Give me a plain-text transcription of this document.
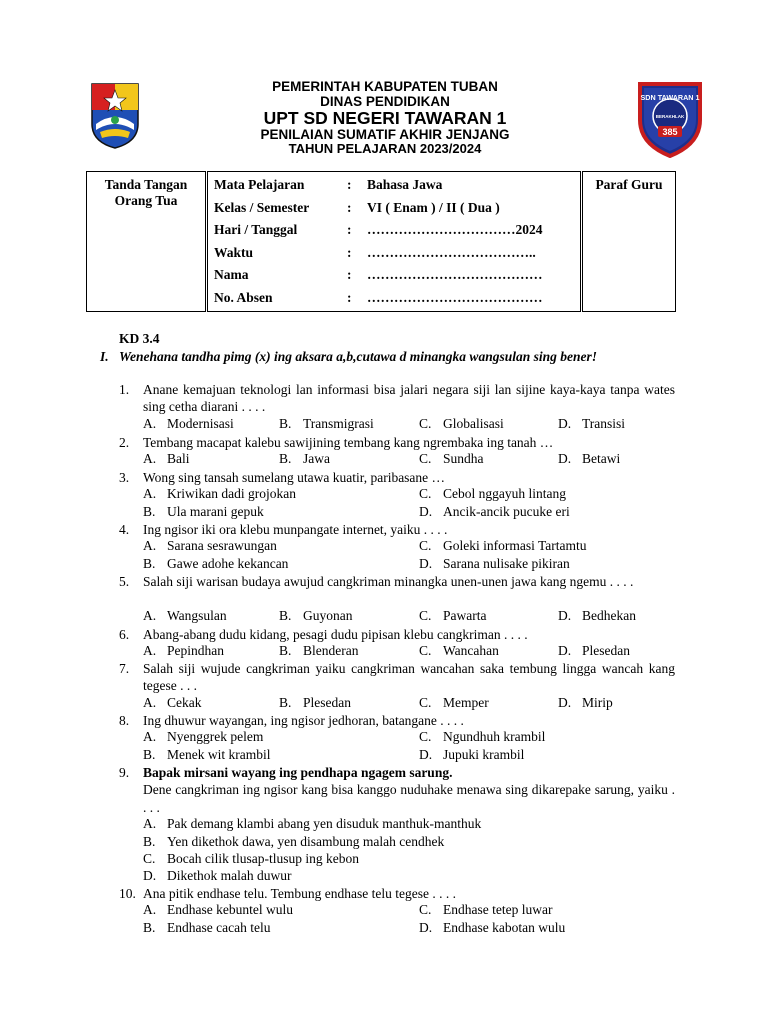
SDN TAWARAN 1
BERAKHLAK
385
PEMERINTAH KABUPATEN TUBAN
DINAS PENDIDIKAN
UPT SD NEGERI TAWARAN 1
PENILAIAN SUMATIF AKHIR JENJANG
TAHUN PELAJARAN 2023/2024
Tanda Tangan
Orang Tua

Mata Pelajaran	: Bahasa Jawa
Kelas / Semester	: VI ( Enam ) / II ( Dua )
Hari / Tanggal	: ……………………………2024
Waktu	: ………………………………..
Nama	: …………………………………
No. Absen	: …………………………………

Paraf Guru
KD 3.4
I. Wenehana tandha pimg (x) ing aksara a,b,cutawa d minangka wangsulan sing bener!
1. Anane kemajuan teknologi lan informasi bisa jalari negara siji lan sijine kaya-kaya tanpa wates sing cetha diarani . . . .
A. Modernisasi	B. Transmigrasi	C. Globalisasi	D. Transisi
2. Tembang macapat kalebu sawijining tembang kang ngrembaka ing tanah …
A. Bali	B. Jawa	C. Sundha	D. Betawi
3. Wong sing tansah sumelang utawa kuatir, paribasane …
A. Kriwikan dadi grojokan
B. Ula marani gepuk
C. Cebol nggayuh lintang
D. Ancik-ancik pucuke eri
4. Ing ngisor iki ora klebu munpangate internet, yaiku . . . .
A. Sarana sesrawungan
B. Gawe adohe kekancan
C. Goleki informasi Tartamtu
D. Sarana nulisake pikiran
5. Salah siji warisan budaya awujud cangkriman minangka unen-unen jawa kang ngemu . . . .
A. Wangsulan	B. Guyonan	C. Pawarta	D. Bedhekan
6. Abang-abang dudu kidang, pesagi dudu pipisan klebu cangkriman . . . .
A. Pepindhan	B. Blenderan	C. Wancahan	D. Plesedan
7. Salah siji wujude cangkriman yaiku cangkriman wancahan saka tembung lingga wancah kang tegese . . .
A. Cekak	B. Plesedan	C. Memper	D. Mirip
8. Ing dhuwur wayangan, ing ngisor jedhoran, batangane . . . .
A. Nyenggrek pelem
B. Menek wit krambil
C. Ngundhuh krambil
D. Jupuki krambil
9. Bapak mirsani wayang ing pendhapa ngagem sarung.
Dene cangkriman ing ngisor kang bisa kanggo nuduhake menawa sing dikarepake sarung, yaiku . . . .
A. Pak demang klambi abang yen disuduk manthuk-manthuk
B. Yen dikethok dawa, yen disambung malah cendhek
C. Bocah cilik tlusap-tlusup ing kebon
D. Dikethok malah duwur
10. Ana pitik endhase telu. Tembung endhase telu tegese . . . .
A. Endhase kebuntel wulu
B. Endhase cacah telu
C. Endhase tetep luwar
D. Endhase kabotan wulu
